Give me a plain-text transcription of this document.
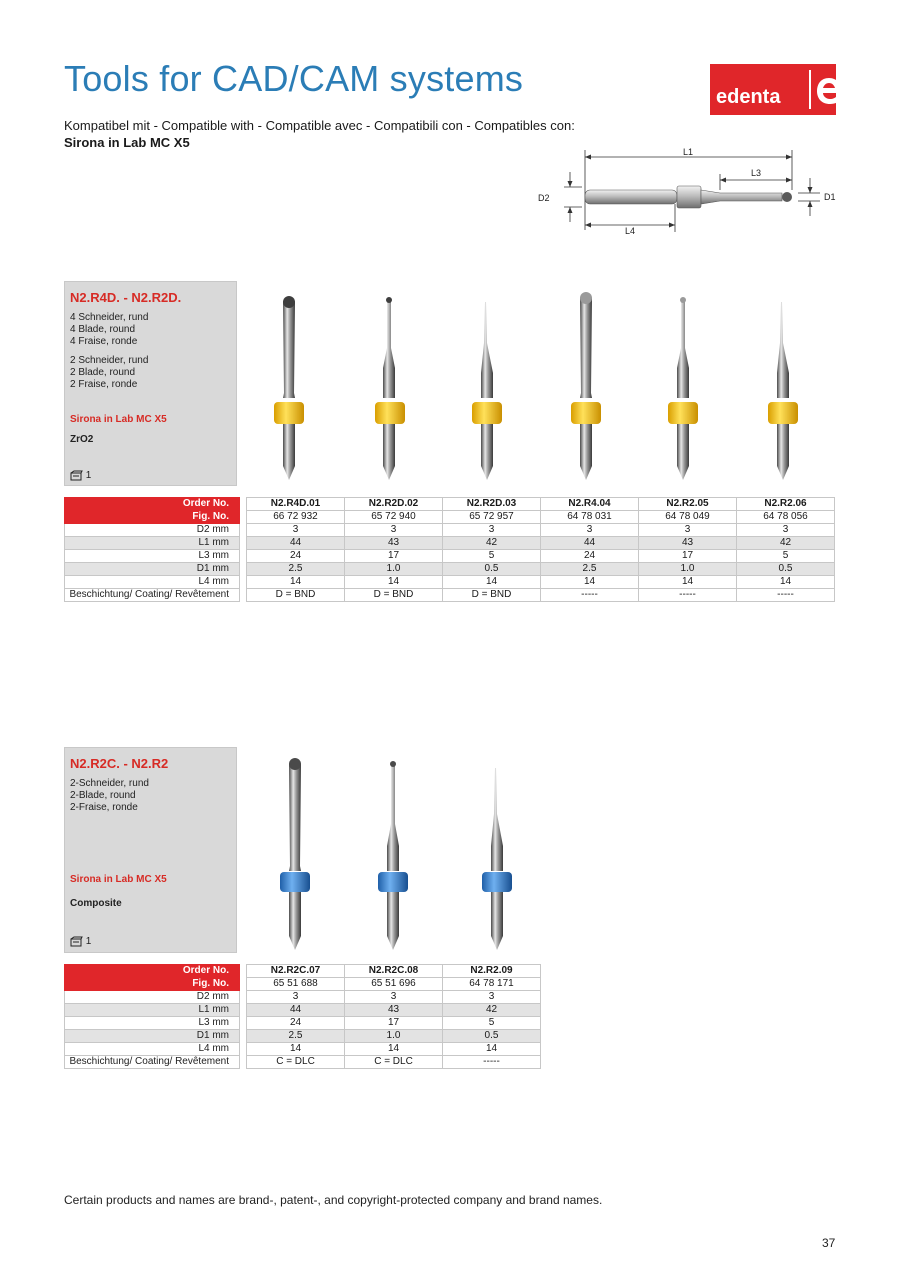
Tools for CAD/CAM systems	edenta
Kompatibel mit - Compatible with - Compatible avec - Compatibili con - Compatibles con:
Sirona in Lab MC X5
L1
L3
L4
D2	D1
N2.R4D. - N2.R2D.
4 Schneider, rund
4 Blade, round
4 Fraise, ronde
2 Schneider, rund
2 Blade, round
2 Fraise, ronde
Sirona in Lab MC X5
ZrO2
1
Order No.		N2.R4D.01	N2.R2D.02	N2.R2D.03	N2.R4.04	N2.R2.05	N2.R2.06
Fig. No.		66 72 932	65 72 940	65 72 957	64 78 031	64 78 049	64 78 056
D2 mm		3	3	3	3	3	3
L1 mm		44	43	42	44	43	42
L3 mm		24	17	5	24	17	5
D1 mm		2.5	1.0	0.5	2.5	1.0	0.5
L4 mm		14	14	14	14	14	14
Beschichtung/ Coating/ Revêtement		D = BND	D = BND	D = BND	-----	-----	-----
N2.R2C. - N2.R2
2-Schneider, rund
2-Blade, round
2-Fraise, ronde
Sirona in Lab MC X5
Composite
1
Order No.		N2.R2C.07	N2.R2C.08	N2.R2.09
Fig. No.		65 51 688	65 51 696	64 78 171
D2 mm		3	3	3
L1 mm		44	43	42
L3 mm		24	17	5
D1 mm		2.5	1.0	0.5
L4 mm		14	14	14
Beschichtung/ Coating/ Revêtement		C = DLC	C = DLC	-----
Certain products and names are brand-, patent-, and copyright-protected company and brand names.
37
